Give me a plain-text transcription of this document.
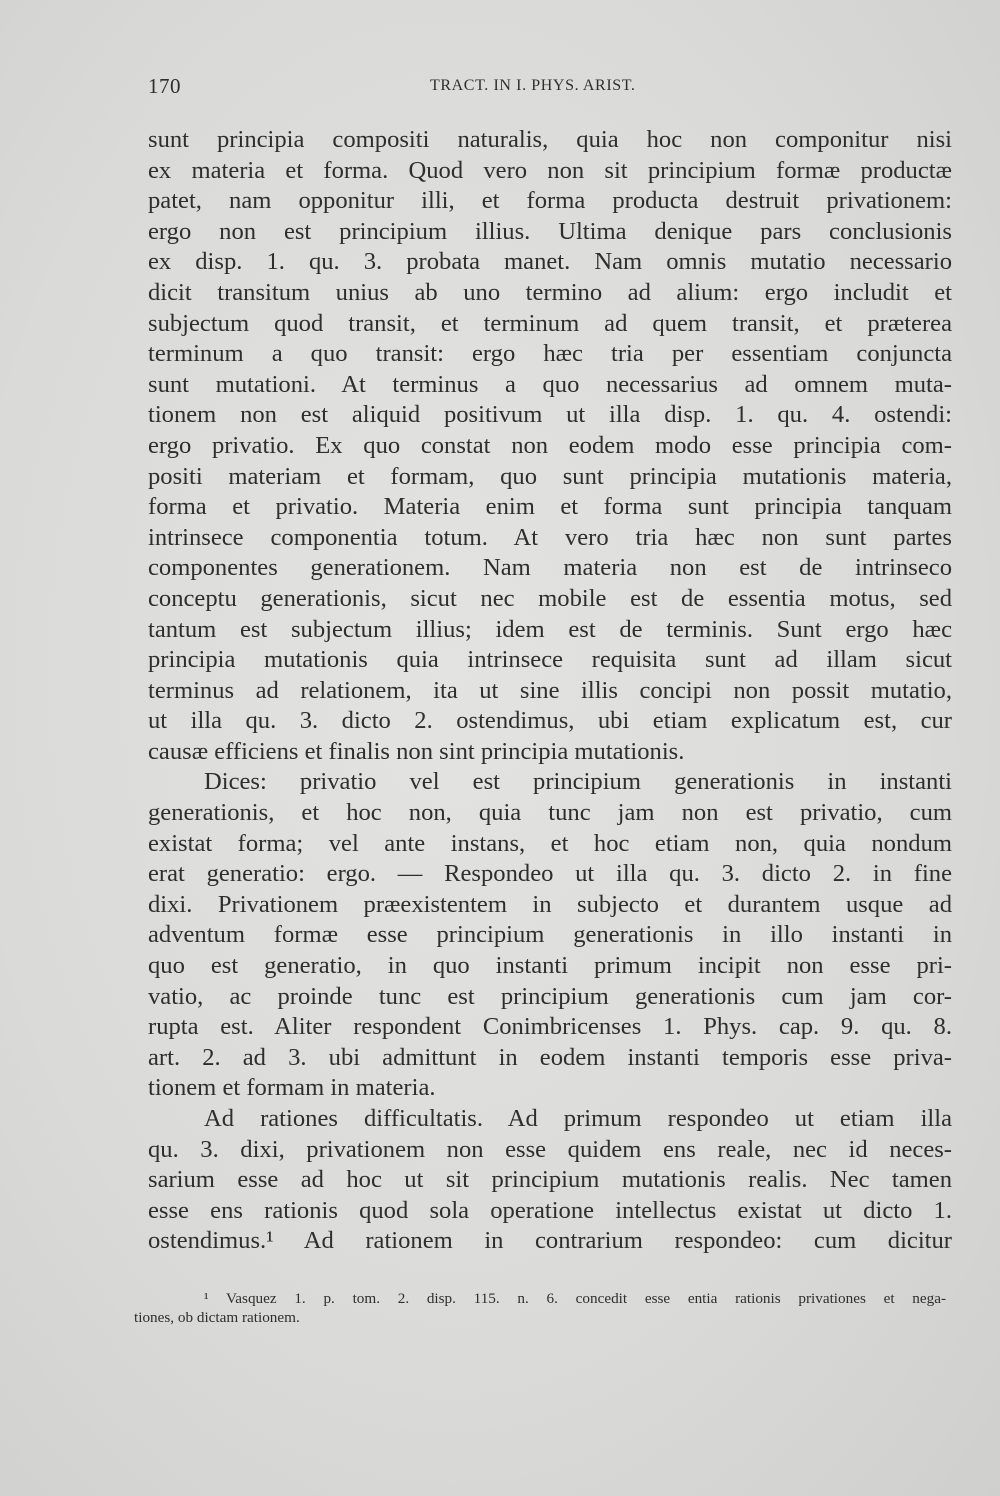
170	TRACT. IN I. PHYS. ARIST.
sunt principia compositi naturalis, quia hoc non componitur nisi
ex materia et forma. Quod vero non sit principium formæ productæ
patet, nam opponitur illi, et forma producta destruit privationem:
ergo non est principium illius. Ultima denique pars conclusionis
ex disp. 1. qu. 3. probata manet. Nam omnis mutatio necessario
dicit transitum unius ab uno termino ad alium: ergo includit et
subjectum quod transit, et terminum ad quem transit, et præterea
terminum a quo transit: ergo hæc tria per essentiam conjuncta
sunt mutationi. At terminus a quo necessarius ad omnem muta-
tionem non est aliquid positivum ut illa disp. 1. qu. 4. ostendi:
ergo privatio. Ex quo constat non eodem modo esse principia com-
positi materiam et formam, quo sunt principia mutationis materia,
forma et privatio. Materia enim et forma sunt principia tanquam
intrinsece componentia totum. At vero tria hæc non sunt partes
componentes generationem. Nam materia non est de intrinseco
conceptu generationis, sicut nec mobile est de essentia motus, sed
tantum est subjectum illius; idem est de terminis. Sunt ergo hæc
principia mutationis quia intrinsece requisita sunt ad illam sicut
terminus ad relationem, ita ut sine illis concipi non possit mutatio,
ut illa qu. 3. dicto 2. ostendimus, ubi etiam explicatum est, cur
causæ efficiens et finalis non sint principia mutationis.
Dices: privatio vel est principium generationis in instanti
generationis, et hoc non, quia tunc jam non est privatio, cum
existat forma; vel ante instans, et hoc etiam non, quia nondum
erat generatio: ergo. — Respondeo ut illa qu. 3. dicto 2. in fine
dixi. Privationem præexistentem in subjecto et durantem usque ad
adventum formæ esse principium generationis in illo instanti in
quo est generatio, in quo instanti primum incipit non esse pri-
vatio, ac proinde tunc est principium generationis cum jam cor-
rupta est. Aliter respondent Conimbricenses 1. Phys. cap. 9. qu. 8.
art. 2. ad 3. ubi admittunt in eodem instanti temporis esse priva-
tionem et formam in materia.
Ad rationes difficultatis. Ad primum respondeo ut etiam illa
qu. 3. dixi, privationem non esse quidem ens reale, nec id neces-
sarium esse ad hoc ut sit principium mutationis realis. Nec tamen
esse ens rationis quod sola operatione intellectus existat ut dicto 1.
ostendimus.¹ Ad rationem in contrarium respondeo: cum dicitur
¹ Vasquez 1. p. tom. 2. disp. 115. n. 6. concedit esse entia rationis privationes et nega-
tiones, ob dictam rationem.
